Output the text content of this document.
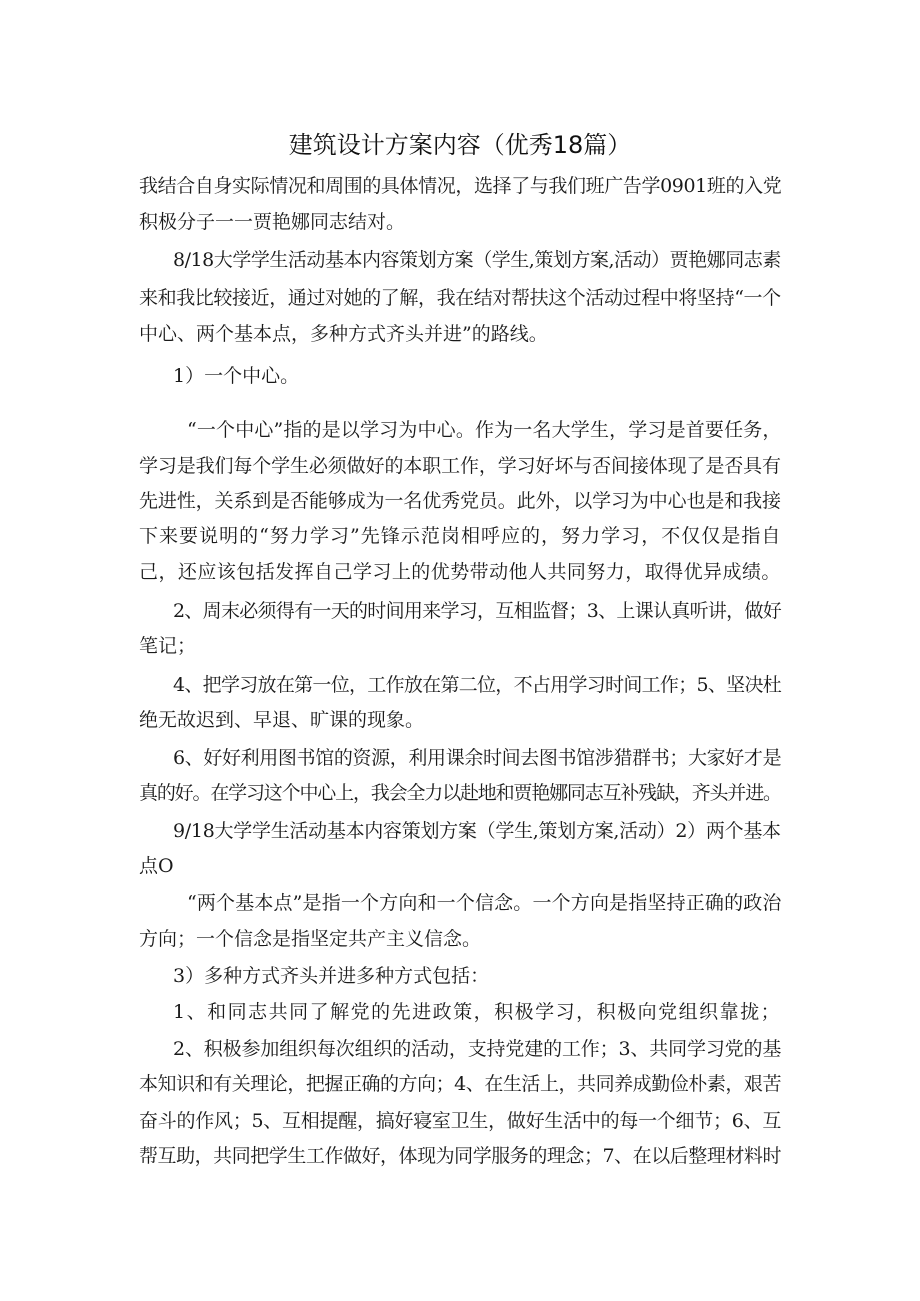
建筑设计方案内容（优秀18篇）

我结合自身实际情况和周围的具体情况，选择了与我们班广告学0901班的入党

积极分子一一贾艳娜同志结对。

8/18大学学生活动基本内容策划方案（学生,策划方案,活动）贾艳娜同志素

来和我比较接近，通过对她的了解，我在结对帮扶这个活动过程中将坚持“一个

中心、两个基本点，多种方式齐头并进”的路线。

1）一个中心。

“一个中心”指的是以学习为中心。作为一名大学生，学习是首要任务，

学习是我们每个学生必须做好的本职工作，学习好坏与否间接体现了是否具有

先进性，关系到是否能够成为一名优秀党员。此外，以学习为中心也是和我接

下来要说明的“努力学习”先锋示范岗相呼应的，努力学习，不仅仅是指自

己，还应该包括发挥自己学习上的优势带动他人共同努力，取得优异成绩。

2、周末必须得有一天的时间用来学习，互相监督；3、上课认真听讲，做好

笔记；

4、把学习放在第一位，工作放在第二位，不占用学习时间工作；5、坚决杜

绝无故迟到、早退、旷课的现象。

6、好好利用图书馆的资源，利用课余时间去图书馆涉猎群书；大家好才是

真的好。在学习这个中心上，我会全力以赴地和贾艳娜同志互补残缺，齐头并进。

9/18大学学生活动基本内容策划方案（学生,策划方案,活动）2）两个基本

点O

“两个基本点”是指一个方向和一个信念。一个方向是指坚持正确的政治

方向；一个信念是指坚定共产主义信念。

3）多种方式齐头并进多种方式包括：

1、和同志共同了解党的先进政策，积极学习，积极向党组织靠拢；

2、积极参加组织每次组织的活动，支持党建的工作；3、共同学习党的基

本知识和有关理论，把握正确的方向；4、在生活上，共同养成勤俭朴素，艰苦

奋斗的作风；5、互相提醒，搞好寝室卫生，做好生活中的每一个细节；6、互

帮互助，共同把学生工作做好，体现为同学服务的理念；7、在以后整理材料时
